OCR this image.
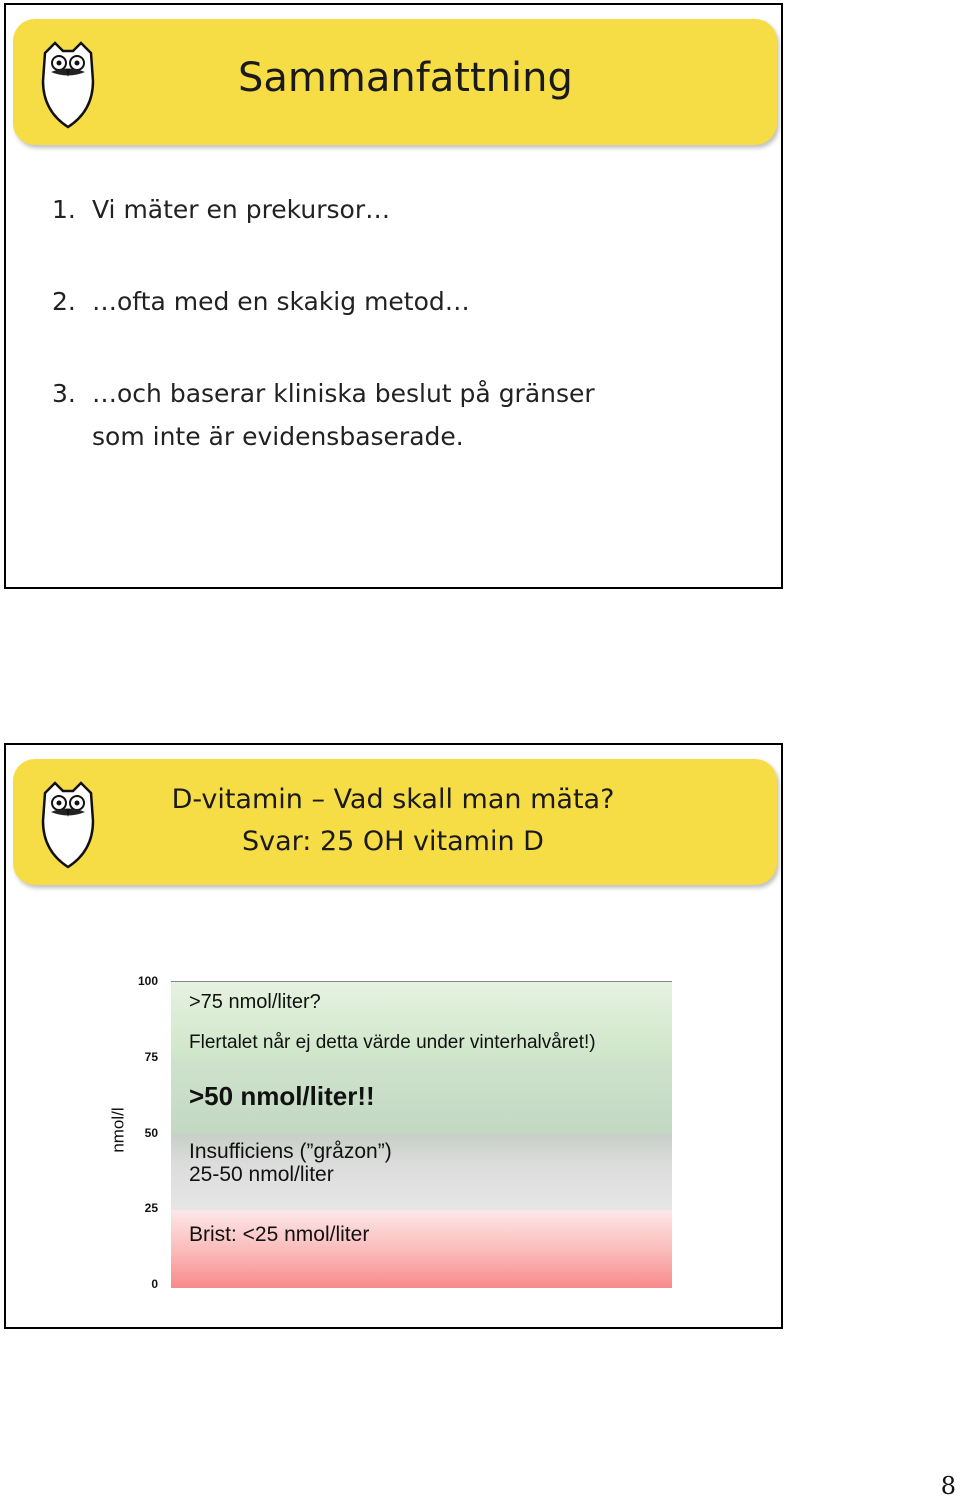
Sammanfattning
1. Vi mäter en prekursor…
2. …ofta med en skakig metod…
3. …och baserar kliniska beslut på gränser
som inte är evidensbaserade.
D-vitamin – Vad skall man mäta?
Svar: 25 OH vitamin D
100
75
50
25
0
nmol/l
>75 nmol/liter?
Flertalet når ej detta värde under vinterhalvåret!)
>50 nmol/liter!!
Insufficiens (”gråzon”)
25-50 nmol/liter
Brist: <25 nmol/liter
8
